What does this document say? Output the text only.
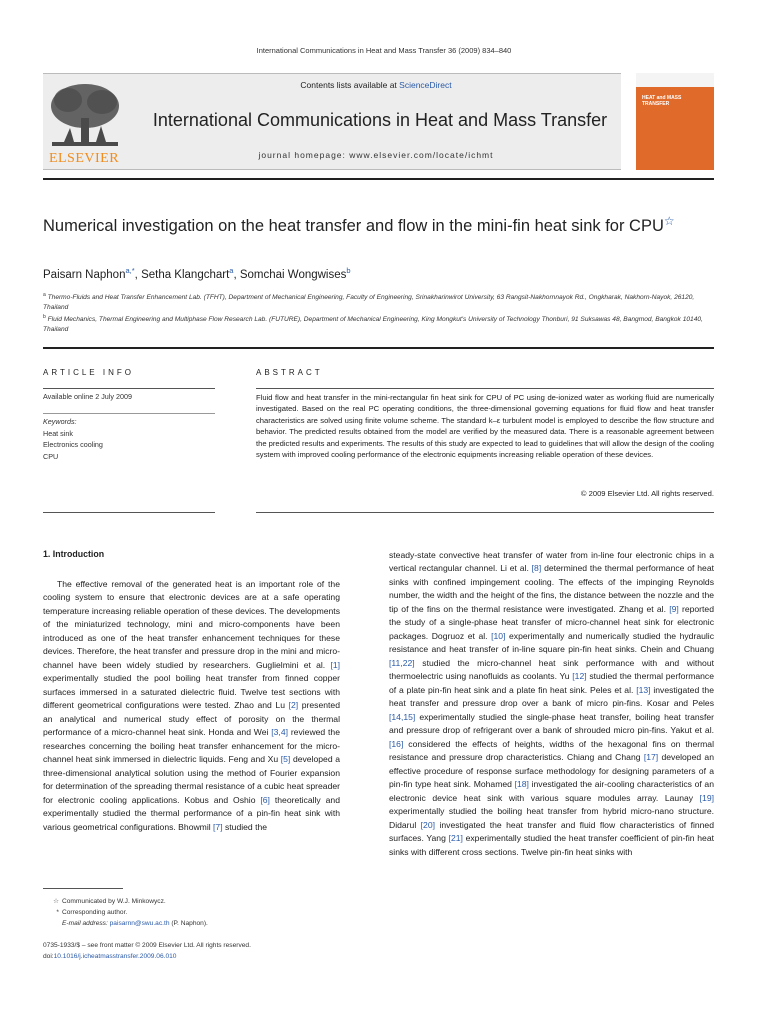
International Communications in Heat and Mass Transfer 36 (2009) 834–840
ELSEVIER
Contents lists available at ScienceDirect
International Communications in Heat and Mass Transfer
journal homepage: www.elsevier.com/locate/ichmt
HEAT and MASS TRANSFER
Numerical investigation on the heat transfer and flow in the mini-fin heat sink for CPU☆
Paisarn Naphon$^{a,*}$, Setha Klangchart$^a$, Somchai Wongwises$^b$
$^a$ Thermo-Fluids and Heat Transfer Enhancement Lab. (TFHT), Department of Mechanical Engineering, Faculty of Engineering, Srinakharinwirot University, 63 Rangsit-Nakhornnayok Rd., Ongkharak, Nakhorn-Nayok, 26120, Thailand
$^b$ Fluid Mechanics, Thermal Engineering and Multiphase Flow Research Lab. (FUTURE), Department of Mechanical Engineering, King Mongkut's University of Technology Thonburi, 91 Suksawas 48, Bangmod, Bangkok 10140, Thailand
ARTICLE INFO
Available online 2 July 2009
Keywords:
Heat sink
Electronics cooling
CPU
ABSTRACT
Fluid flow and heat transfer in the mini-rectangular fin heat sink for CPU of PC using de-ionized water as working fluid are numerically investigated. Based on the real PC operating conditions, the three-dimensional governing equations for fluid flow and heat transfer characteristics are solved using finite volume scheme. The standard k–ε turbulent model is employed to describe the flow structure and behavior. The predicted results obtained from the model are verified by the measured data. There is a reasonable agreement between the predicted results and experiments. The results of this study are expected to lead to guidelines that will allow the design of the cooling system with improved cooling performance of the electronic equipments increasing reliable operation of these devices.
© 2009 Elsevier Ltd. All rights reserved.
1. Introduction

The effective removal of the generated heat is an important role of the cooling system to ensure that electronic devices are at a safe operating temperature increasing reliable operation of these devices. The developments of the miniaturized technology, mini and micro-components have been introduced as one of the heat transfer enhancement techniques for these devices. Therefore, the heat transfer and pressure drop in the mini and micro-channel have been widely studied by researchers. Guglielmini et al. [1] experimentally studied the pool boiling heat transfer from finned copper surfaces immersed in a saturated dielectric fluid. Twelve test sections with different geometrical configurations were tested. Zhao and Lu [2] presented an analytical and numerical study effect of porosity on the thermal performance of a micro-channel heat sink. Honda and Wei [3,4] reviewed the researches concerning the boiling heat transfer enhancement for the micro-channel heat sink immersed in dielectric liquids. Feng and Xu [5] developed a three-dimensional analytical solution using the method of Fourier expansion for determination of the spreading thermal resistance of a cubic heat spreader for electronic cooling applications. Kobus and Oshio [6] theoretically and experimentally studied the thermal performance of a pin-fin heat sink with various geometrical configurations. Bhowmil [7] studied the

steady-state convective heat transfer of water from in-line four electronic chips in a vertical rectangular channel. Li et al. [8] determined the thermal performance of heat sinks with confined impingement cooling. The effects of the impinging Reynolds number, the width and the height of the fins, the distance between the nozzle and the tip of the fins on the thermal resistance were investigated. Zhang et al. [9] reported the study of a single-phase heat transfer of micro-channel heat sink for electronic packages. Dogruoz et al. [10] experimentally and numerically studied the hydraulic resistance and heat transfer of in-line square pin-fin heat sinks. Chein and Chuang [11,22] studied the micro-channel heat sink performance with and without thermoelectric using nanofluids as coolants. Yu [12] studied the thermal performance of a plate pin-fin heat sink and a plate fin heat sink. Peles et al. [13] investigated the heat transfer and pressure drop over a bank of micro pin-fins. Kosar and Peles [14,15] experimentally studied the single-phase heat transfer, boiling heat transfer and pressure drop of refrigerant over a bank of shrouded micro pin-fins. Yakut et al. [16] considered the effects of heights, widths of the hexagonal fins on thermal resistance and pressure drop characteristics. Chiang and Chang [17] developed an effective procedure of response surface methodology for designing parameters of a pin-fin type heat sink. Mohamed [18] investigated the air-cooling characteristics of an electronic device heat sink with various square modules array. Launay [19] experimentally studied the boiling heat transfer from hybrid micro-nano structure. Didarul [20] investigated the heat transfer and fluid flow characteristics of finned surfaces. Yang [21] experimentally studied the heat transfer coefficient of pin-fin heat sinks with different cross sections. Twelve pin-fin heat sinks with

☆ Communicated by W.J. Minkowycz.
* Corresponding author.
E-mail address: paisarnn@swu.ac.th (P. Naphon).
0735-1933/$ – see front matter © 2009 Elsevier Ltd. All rights reserved.
doi:10.1016/j.icheatmasstransfer.2009.06.010
